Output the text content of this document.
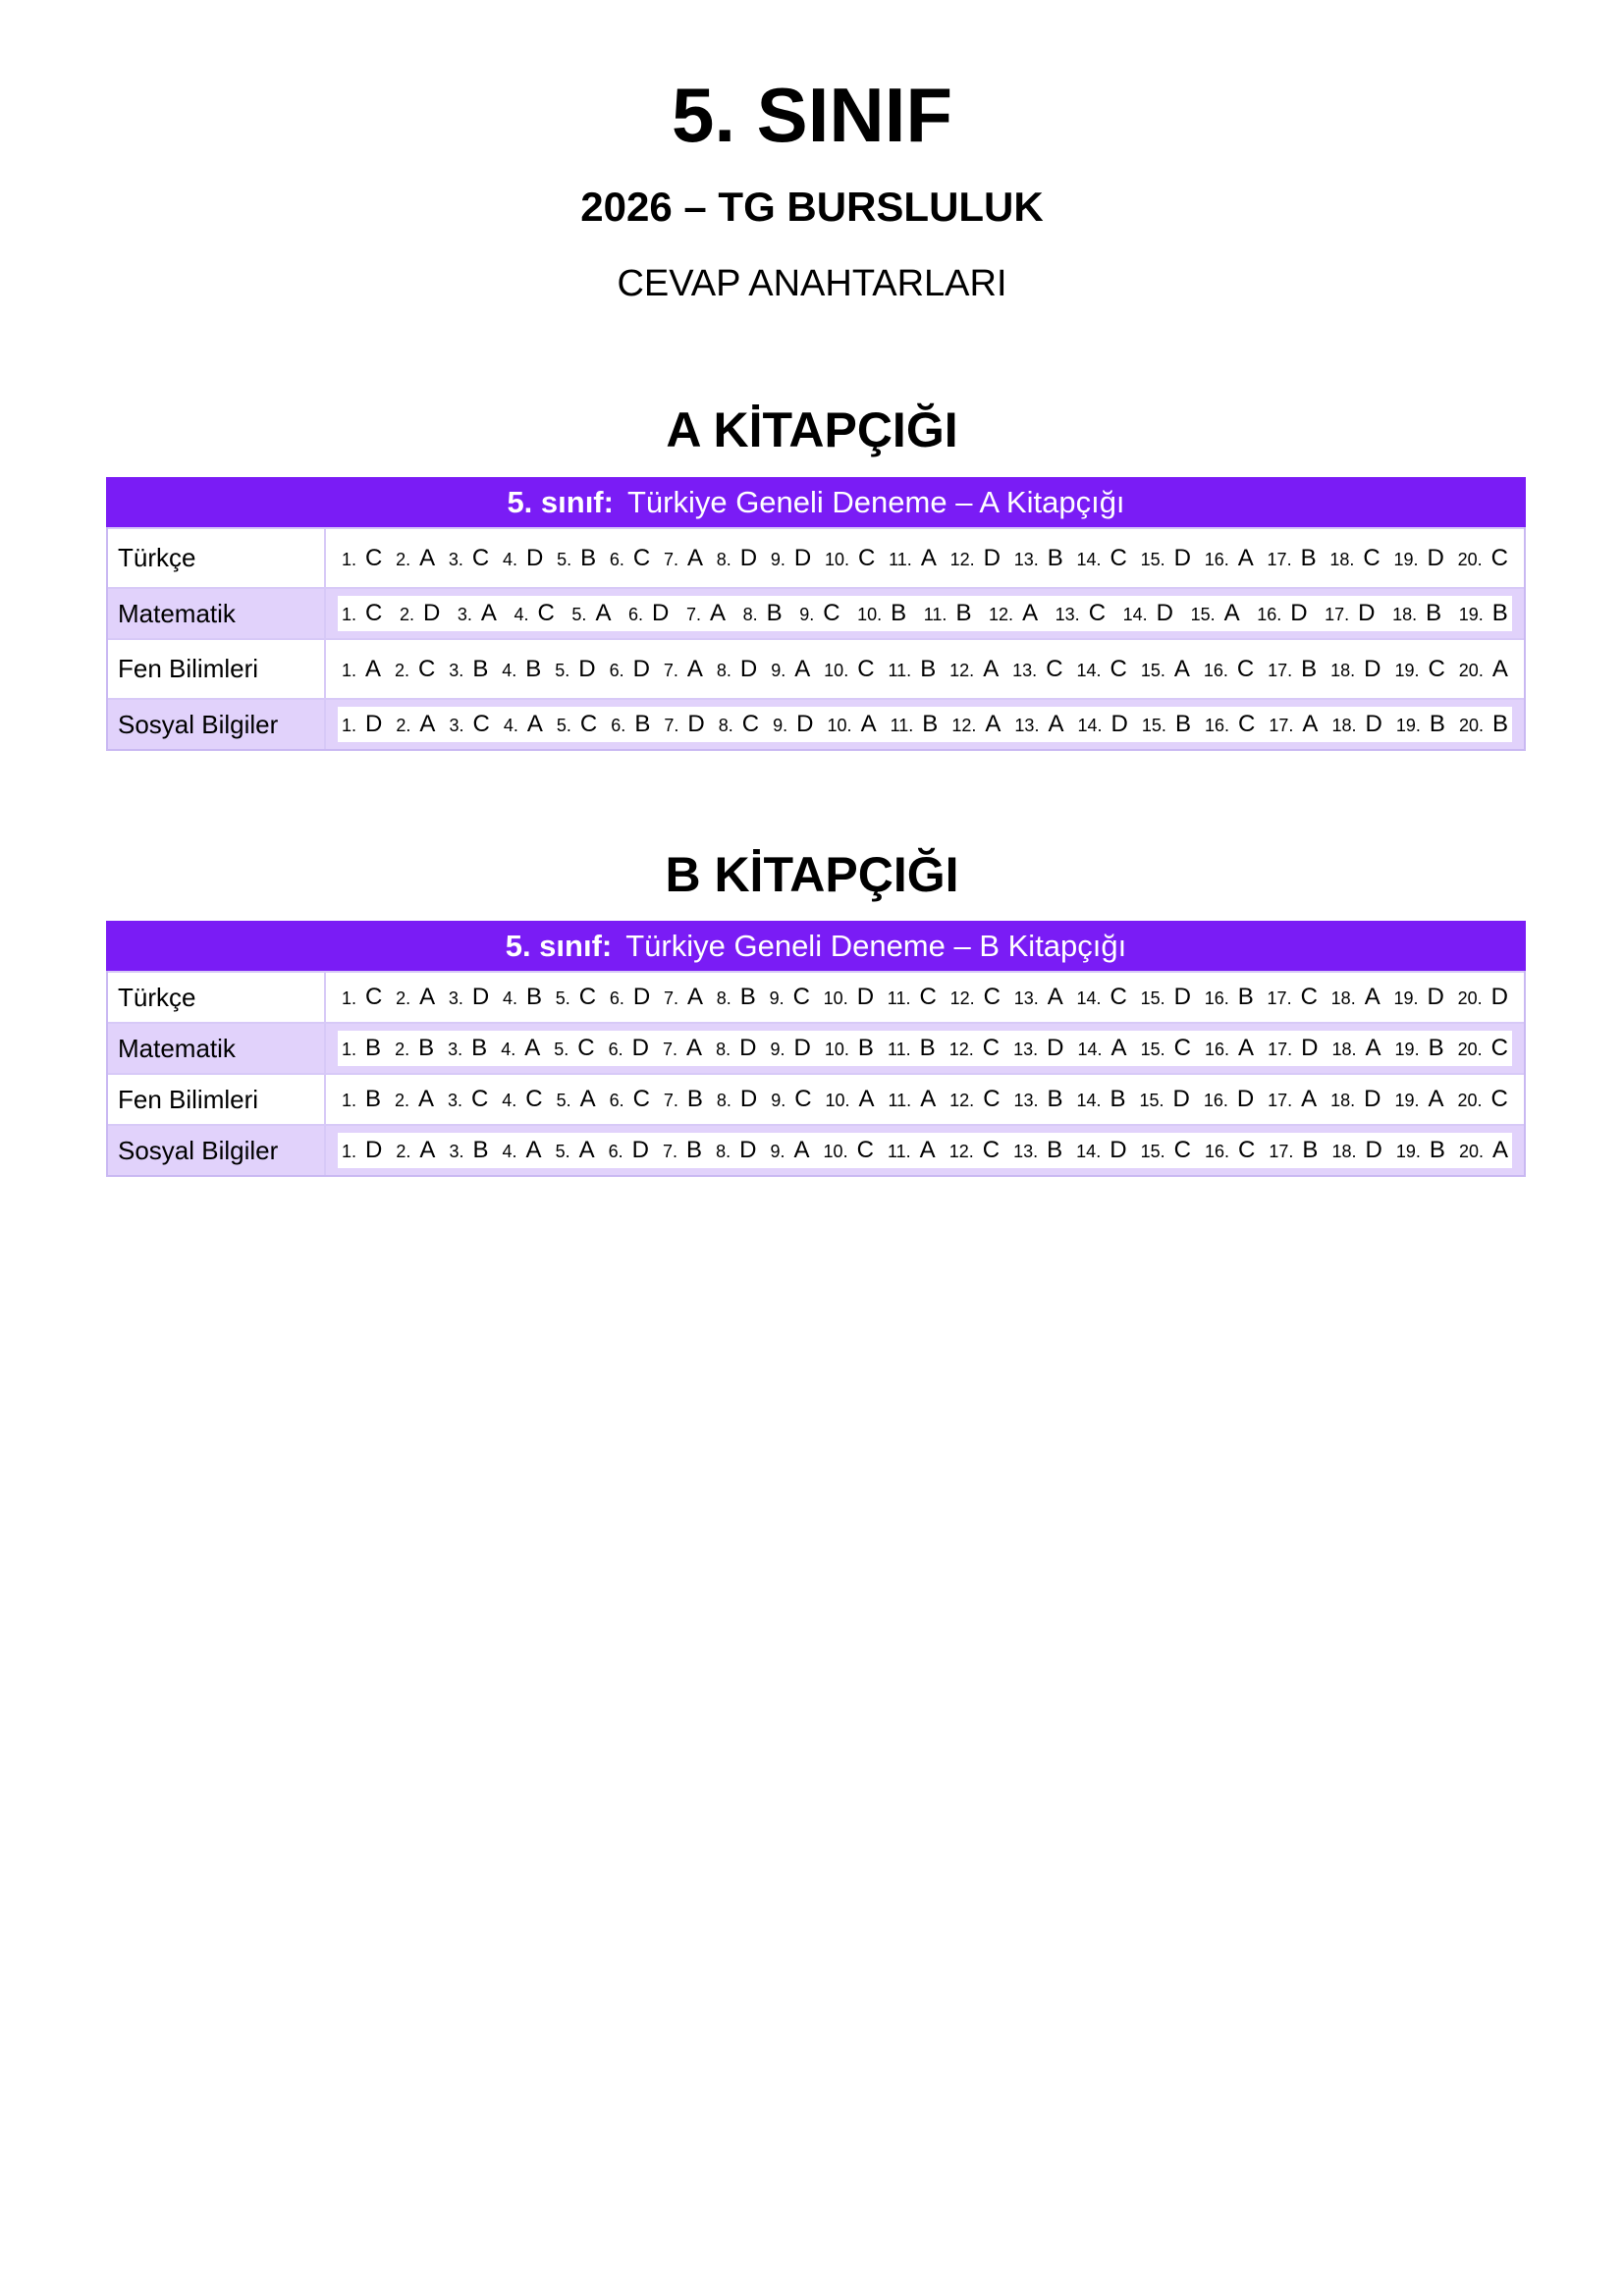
5. SINIF
2026 – TG BURSLULUK
CEVAP ANAHTARLARI
A KİTAPÇIĞI
5. sınıf: Türkiye Geneli Deneme – A Kitapçığı
Türkçe	1. C 2. A 3. C 4. D 5. B 6. C 7. A 8. D 9. D 10. C 11. A 12. D 13. B 14. C 15. D 16. A 17. B 18. C 19. D 20. C
Matematik	1. C 2. D 3. A 4. C 5. A 6. D 7. A 8. B 9. C 10. B 11. B 12. A 13. C 14. D 15. A 16. D 17. D 18. B 19. B
Fen Bilimleri	1. A 2. C 3. B 4. B 5. D 6. D 7. A 8. D 9. A 10. C 11. B 12. A 13. C 14. C 15. A 16. C 17. B 18. D 19. C 20. A
Sosyal Bilgiler	1. D 2. A 3. C 4. A 5. C 6. B 7. D 8. C 9. D 10. A 11. B 12. A 13. A 14. D 15. B 16. C 17. A 18. D 19. B 20. B
B KİTAPÇIĞI
5. sınıf: Türkiye Geneli Deneme – B Kitapçığı
Türkçe	1. C 2. A 3. D 4. B 5. C 6. D 7. A 8. B 9. C 10. D 11. C 12. C 13. A 14. C 15. D 16. B 17. C 18. A 19. D 20. D
Matematik	1. B 2. B 3. B 4. A 5. C 6. D 7. A 8. D 9. D 10. B 11. B 12. C 13. D 14. A 15. C 16. A 17. D 18. A 19. B 20. C
Fen Bilimleri	1. B 2. A 3. C 4. C 5. A 6. C 7. B 8. D 9. C 10. A 11. A 12. C 13. B 14. B 15. D 16. D 17. A 18. D 19. A 20. C
Sosyal Bilgiler	1. D 2. A 3. B 4. A 5. A 6. D 7. B 8. D 9. A 10. C 11. A 12. C 13. B 14. D 15. C 16. C 17. B 18. D 19. B 20. A
